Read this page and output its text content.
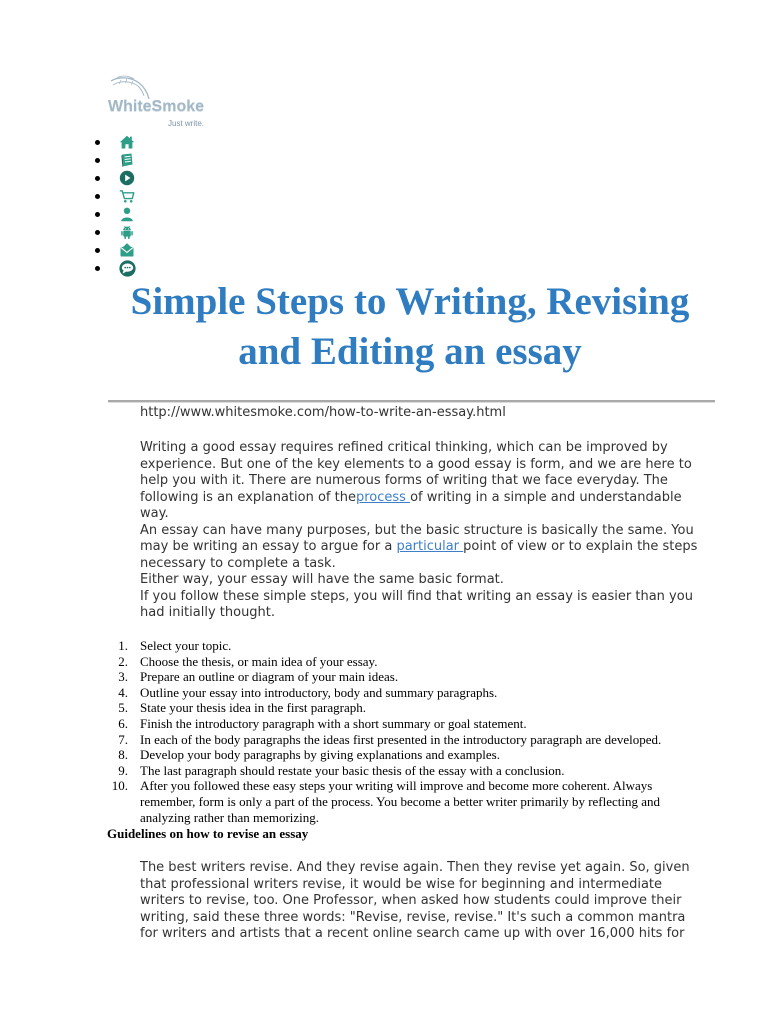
WhiteSmoke
Just write.
Simple Steps to Writing, Revising
and Editing an essay
http://www.whitesmoke.com/how-to-write-an-essay.html
Writing a good essay requires refined critical thinking, which can be improved by
experience. But one of the key elements to a good essay is form, and we are here to
help you with it. There are numerous forms of writing that we face everyday. The
following is an explanation of theprocess of writing in a simple and understandable
way.
An essay can have many purposes, but the basic structure is basically the same. You
may be writing an essay to argue for a particular point of view or to explain the steps
necessary to complete a task.
Either way, your essay will have the same basic format.
If you follow these simple steps, you will find that writing an essay is easier than you
had initially thought.
1. Select your topic.
2. Choose the thesis, or main idea of your essay.
3. Prepare an outline or diagram of your main ideas.
4. Outline your essay into introductory, body and summary paragraphs.
5. State your thesis idea in the first paragraph.
6. Finish the introductory paragraph with a short summary or goal statement.
7. In each of the body paragraphs the ideas first presented in the introductory paragraph are developed.
8. Develop your body paragraphs by giving explanations and examples.
9. The last paragraph should restate your basic thesis of the essay with a conclusion.
10. After you followed these easy steps your writing will improve and become more coherent. Always
remember, form is only a part of the process. You become a better writer primarily by reflecting and
analyzing rather than memorizing.
Guidelines on how to revise an essay
The best writers revise. And they revise again. Then they revise yet again. So, given
that professional writers revise, it would be wise for beginning and intermediate
writers to revise, too. One Professor, when asked how students could improve their
writing, said these three words: "Revise, revise, revise." It's such a common mantra
for writers and artists that a recent online search came up with over 16,000 hits for
